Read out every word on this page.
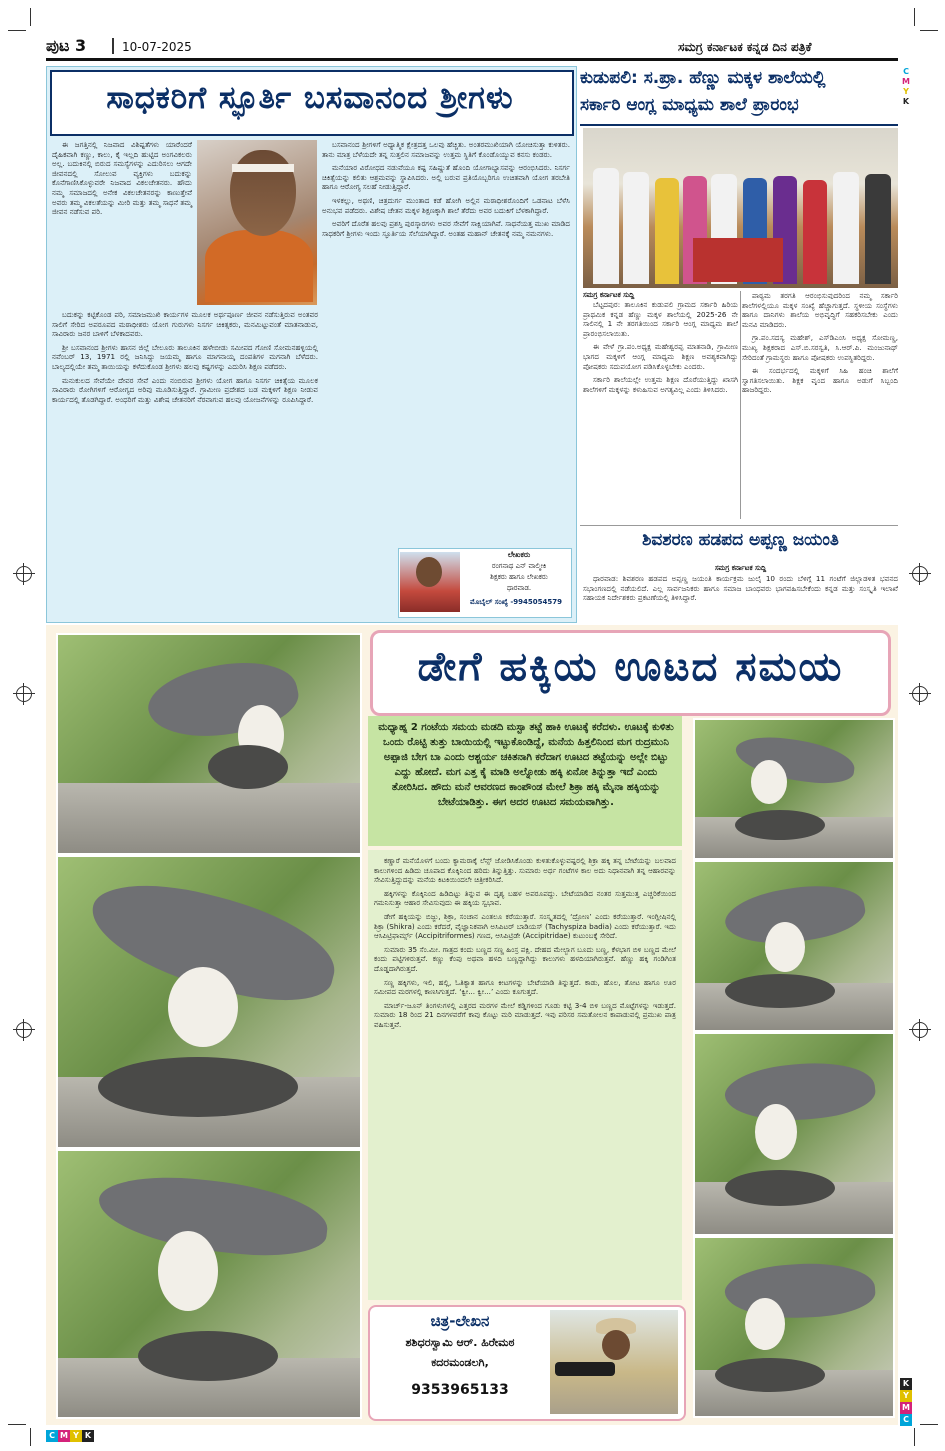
ಪುಟ 3	10-07-2025	ಸಮಗ್ರ ಕರ್ನಾಟಕ ಕನ್ನಡ ದಿನ ಪತ್ರಿಕೆ
C
M
Y
K
K
Y
M
C
C M Y K
ಸಾಧಕರಿಗೆ ಸ್ಫೂರ್ತಿ ಬಸವಾನಂದ ಶ್ರೀಗಳು

ಈ ಜಗತ್ತಿನಲ್ಲಿ ನಿಜವಾದ ವಿಶಿಷ್ಟತೆಗಳು ಯಾರೆಂದರೆ ದೈಹಿಕವಾಗಿ ಕಣ್ಣು, ಕಾಲು, ಕೈ ಇಲ್ಲದಿ ಹುಟ್ಟಿದ ಅಂಗವಿಕಲರು ಅಲ್ಲ. ಬದುಕಿನಲ್ಲಿ ಬಿರುದ ಸಮಸ್ಯೆಗಳನ್ನು ಎದುರಿಸಲು ಆಗದೇ ಜೀವನದಲ್ಲಿ ಸೋಲುವ ವ್ಯಕ್ತಿಗಳು ಬದುಕನ್ನು ಕೊನೆಗಾಣಿಸಿಕೊಳ್ಳುವರೇ ನಿಜವಾದ ವಿಕಲಚೇತನರು. ಹೌದು ನಮ್ಮ ಸಮಾಜದಲ್ಲಿ ಅನೇಕ ವಿಕಲಚೇತನರನ್ನು ಕಾಣುತ್ತೇವೆ ಅವರು ತಮ್ಮ ವಿಕಲತೆಯನ್ನು ಮೀರಿ ಮತ್ತು ತಮ್ಮ ಸಾಧನೆ ತಮ್ಮ ಜೀವನ ನಡೆಸುವ ಪರಿ.

ಬದುಕನ್ನು ಕಟ್ಟಿಕೊಂಡ ಪರಿ, ಸಮಾಜಮುಖಿ ಕಾರ್ಯಗಳ ಮೂಲಕ ಅರ್ಥಪೂರ್ಣ ಜೀವನ ನಡೆಸುತ್ತಿರುವ ಅಂತವರ ಸಾಲಿಗೆ ಸೇರಿದ ಅಪರೂಪದ ಮಠಾಧೀಶರು ಯೋಗ ಗುರುಗಳು ನಿಸರ್ಗ ಚಿಕಿತ್ಸಕರು, ಮನಮಿಟ್ಟುವಂತೆ ಮಾತನಾಡುವ, ಸಾವಿರಾರು ಜನರ ಬಾಳಿಗೆ ಬೆಳಕಾದವರು.

ಶ್ರೀ ಬಸವಾನಂದ ಶ್ರೀಗಳು ಹಾಸನ ಜಿಲ್ಲೆ ಬೇಲೂರು ತಾಲೂಕಿನ ಹಳೇಬೀಡು ಸಮೀಪದ ಗೋಣಿ ಸೋಮನಹಳ್ಳಿಯಲ್ಲಿ ನವೆಂಬರ್ 13, 1971 ರಲ್ಲಿ ಜನಿಸಿದ್ದು ಜಯಮ್ಮ ಹಾಗೂ ಮಾಗನಾಯ್ಕ ದಂಪತಿಗಳ ಮಗನಾಗಿ ಬೆಳೆದರು. ಬಾಲ್ಯದಲ್ಲಿಯೇ ತಮ್ಮ ತಾಯಿಯನ್ನು ಕಳೆದುಕೊಂಡ ಶ್ರೀಗಳು ಹಲವು ಕಷ್ಟಗಳನ್ನು ಎದುರಿಸಿ ಶಿಕ್ಷಣ ಪಡೆದರು.

ಮನುಕುಲದ ಸೇವೆಯೇ ದೇವರ ಸೇವೆ ಎಂದು ನಂಬಿರುವ ಶ್ರೀಗಳು ಯೋಗ ಹಾಗೂ ನಿಸರ್ಗ ಚಿಕಿತ್ಸೆಯ ಮೂಲಕ ಸಾವಿರಾರು ರೋಗಿಗಳಿಗೆ ಆರೋಗ್ಯದ ಅರಿವು ಮೂಡಿಸುತ್ತಿದ್ದಾರೆ. ಗ್ರಾಮೀಣ ಪ್ರದೇಶದ ಬಡ ಮಕ್ಕಳಿಗೆ ಶಿಕ್ಷಣ ನೀಡುವ ಕಾರ್ಯದಲ್ಲಿ ತೊಡಗಿದ್ದಾರೆ. ಅಂಧರಿಗೆ ಮತ್ತು ವಿಶೇಷ ಚೇತನರಿಗೆ ನೆರವಾಗುವ ಹಲವು ಯೋಜನೆಗಳನ್ನು ರೂಪಿಸಿದ್ದಾರೆ.

ಬಸವಾನಂದ ಶ್ರೀಗಳಿಗೆ ಅಧ್ಯಾತ್ಮಿಕ ಕ್ಷೇತ್ರದತ್ತ ಒಲವು ಹೆಚ್ಚಿತು. ಅಂತರಮುಖಿಯಾಗಿ ಯೋಚಿಸುತ್ತಾ ಕುಳಿತರು. ತಾನು ಮಾತ್ರ ಬೆಳೆಯದೇ ತನ್ನ ಸುತ್ತಲಿನ ಸಮಾಜವನ್ನು ಉತ್ತಮ ಸ್ಥಿತಿಗೆ ಕೊಂಡೊಯ್ಯುವ ಕನಸು ಕಂಡರು.

ಮನೆಯಾರ ವಿರೋಧದ ನಡುವೆಯೂ ಕಷ್ಟ ಸಹಿಷ್ಣುತೆ ಹೊಂದಿ ಯೋಗಾಭ್ಯಾಸವನ್ನು ಆರಂಭಿಸಿದರು. ನಿಸರ್ಗ ಚಿಕಿತ್ಸೆಯನ್ನು ಕಲಿತು ಆಶ್ರಮವನ್ನು ಸ್ಥಾಪಿಸಿದರು. ಅಲ್ಲಿ ಬರುವ ಪ್ರತಿಯೊಬ್ಬರಿಗೂ ಉಚಿತವಾಗಿ ಯೋಗ ತರಬೇತಿ ಹಾಗೂ ಆರೋಗ್ಯ ಸಲಹೆ ನೀಡುತ್ತಿದ್ದಾರೆ.

ಇಳಕಲ್ಲು, ಅಥಣಿ, ಚಿತ್ರದುರ್ಗ ಮುಂತಾದ ಕಡೆ ಹೋಗಿ ಅಲ್ಲಿನ ಮಠಾಧೀಶರೊಂದಿಗೆ ಒಡನಾಟ ಬೆಳೆಸಿ ಅನುಭವ ಪಡೆದರು. ವಿಶೇಷ ಚೇತನ ಮಕ್ಕಳ ಶಿಕ್ಷಣಕ್ಕಾಗಿ ಶಾಲೆ ತೆರೆದು ಅವರ ಬದುಕಿಗೆ ಬೆಳಕಾಗಿದ್ದಾರೆ.

ಅವರಿಗೆ ದೊರೆತ ಹಲವು ಪ್ರಶಸ್ತಿ ಪುರಸ್ಕಾರಗಳು ಅವರ ಸೇವೆಗೆ ಸಾಕ್ಷಿಯಾಗಿವೆ. ಸಾಧನೆಯತ್ತ ಮುಖ ಮಾಡಿದ ಸಾಧಕರಿಗೆ ಶ್ರೀಗಳು ಇಂದು ಸ್ಫೂರ್ತಿಯ ಸೆಲೆಯಾಗಿದ್ದಾರೆ. ಅಂತಹ ಮಹಾನ್ ಚೇತನಕ್ಕೆ ನಮ್ಮ ನಮನಗಳು.

ಲೇಖಕರು
ರಂಗನಾಥ ಎನ್ ವಾಲ್ಮೀಕಿ
ಶಿಕ್ಷಕರು ಹಾಗೂ ಲೇಖಕರು
ಧಾರವಾಡ.
ಮೊಬೈಲ್ ಸಂಖ್ಯೆ -9945054579
ಕುಡುಪಲಿ: ಸ.ಪ್ರಾ. ಹೆಣ್ಣು ಮಕ್ಕಳ ಶಾಲೆಯಲ್ಲಿ
ಸರ್ಕಾರಿ ಆಂಗ್ಲ ಮಾಧ್ಯಮ ಶಾಲೆ ಪ್ರಾರಂಭ
ಸಮಗ್ರ ಕರ್ನಾಟಕ ಸುದ್ದಿ

ಬೆಟ್ಟದಪುರ: ತಾಲೂಕಿನ ಕುಡುಪಲಿ ಗ್ರಾಮದ ಸರ್ಕಾರಿ ಹಿರಿಯ ಪ್ರಾಥಮಿಕ ಕನ್ನಡ ಹೆಣ್ಣು ಮಕ್ಕಳ ಶಾಲೆಯಲ್ಲಿ 2025-26 ನೇ ಸಾಲಿನಲ್ಲಿ 1 ನೇ ತರಗತಿಯಿಂದ ಸರ್ಕಾರಿ ಆಂಗ್ಲ ಮಾಧ್ಯಮ ಶಾಲೆ ಪ್ರಾರಂಭಿಸಲಾಯಿತು.

ಈ ವೇಳೆ ಗ್ರಾ.ಪಂ.ಅಧ್ಯಕ್ಷ ಮಹೇಶ್ವರಪ್ಪ ಮಾತನಾಡಿ, ಗ್ರಾಮೀಣ ಭಾಗದ ಮಕ್ಕಳಿಗೆ ಆಂಗ್ಲ ಮಾಧ್ಯಮ ಶಿಕ್ಷಣ ಅವಶ್ಯಕವಾಗಿದ್ದು ಪೋಷಕರು ಸದುಪಯೋಗ ಪಡಿಸಿಕೊಳ್ಳಬೇಕು ಎಂದರು.

ಸರ್ಕಾರಿ ಶಾಲೆಯಲ್ಲೇ ಉತ್ತಮ ಶಿಕ್ಷಣ ದೊರೆಯುತ್ತಿದ್ದು ಖಾಸಗಿ ಶಾಲೆಗಳಿಗೆ ಮಕ್ಕಳನ್ನು ಕಳುಹಿಸುವ ಅಗತ್ಯವಿಲ್ಲ ಎಂದು ತಿಳಿಸಿದರು.

ಪಾಠ್ಯಮ ತರಗತಿ ಆರಂಭಿಸುವುದರಿಂದ ನಮ್ಮ ಸರ್ಕಾರಿ ಶಾಲೆಗಳಲ್ಲಿಯೂ ಮಕ್ಕಳ ಸಂಖ್ಯೆ ಹೆಚ್ಚಾಗುತ್ತದೆ. ಸ್ಥಳೀಯ ಸಂಸ್ಥೆಗಳು ಹಾಗೂ ದಾನಿಗಳು ಶಾಲೆಯ ಅಭಿವೃದ್ಧಿಗೆ ಸಹಕರಿಸಬೇಕು ಎಂದು ಮನವಿ ಮಾಡಿದರು.

ಗ್ರಾ.ಪಂ.ಸದಸ್ಯ ಮಹೇಶ್, ಎಸ್‌ಡಿಎಂಸಿ ಅಧ್ಯಕ್ಷ ಸೋಮಣ್ಣ, ಮುಖ್ಯ ಶಿಕ್ಷಕರಾದ ಎಸ್.ಬಿ.ಸರಸ್ವತಿ, ಸಿ.ಆರ್.ಪಿ. ಮಂಜುನಾಥ್ ಸೇರಿದಂತೆ ಗ್ರಾಮಸ್ಥರು ಹಾಗೂ ಪೋಷಕರು ಉಪಸ್ಥಿತರಿದ್ದರು.

ಈ ಸಂದರ್ಭದಲ್ಲಿ ಮಕ್ಕಳಿಗೆ ಸಿಹಿ ಹಂಚಿ ಶಾಲೆಗೆ ಸ್ವಾಗತಿಸಲಾಯಿತು. ಶಿಕ್ಷಕ ವೃಂದ ಹಾಗೂ ಅಡುಗೆ ಸಿಬ್ಬಂದಿ ಹಾಜರಿದ್ದರು.

ಶಿವಶರಣ ಹಡಪದ ಅಪ್ಪಣ್ಣ ಜಯಂತಿ
ಸಮಗ್ರ ಕರ್ನಾಟಕ ಸುದ್ದಿ

ಧಾರವಾಡ: ಶಿವಶರಣ ಹಡಪದ ಅಪ್ಪಣ್ಣ ಜಯಂತಿ ಕಾರ್ಯಕ್ರಮ ಜುಲೈ 10 ರಂದು ಬೆಳಿಗ್ಗೆ 11 ಗಂಟೆಗೆ ಜಿಲ್ಲಾಡಳಿತ ಭವನದ ಸಭಾಂಗಣದಲ್ಲಿ ನಡೆಯಲಿದೆ. ಎಲ್ಲ ಸಾರ್ವಜನಿಕರು ಹಾಗೂ ಸಮಾಜ ಬಾಂಧವರು ಭಾಗವಹಿಸಬೇಕೆಂದು ಕನ್ನಡ ಮತ್ತು ಸಂಸ್ಕೃತಿ ಇಲಾಖೆ ಸಹಾಯಕ ನಿರ್ದೇಶಕರು ಪ್ರಕಟಣೆಯಲ್ಲಿ ತಿಳಿಸಿದ್ದಾರೆ.

ಡೇಗೆ ಹಕ್ಕಿಯ ಊಟದ ಸಮಯ
ಮಧ್ಯಾಹ್ನ 2 ಗಂಟೆಯ ಸಮಯ ಮಡದಿ ಮಸ್ಟಾ ತಟ್ಟೆ ಹಾಕಿ ಊಟಕ್ಕೆ ಕರೆದಳು. ಊಟಕ್ಕೆ ಕುಳಿತು ಒಂದು ರೊಟ್ಟಿ ತುತ್ತು ಬಾಯಿಯಲ್ಲಿ ಇಟ್ಟುಕೊಂಡಿದ್ದೆ, ಮನೆಯ ಹಿತ್ತಲಿನಿಂದ ಮಗ ರುದ್ರಮುನಿ ಅಪ್ಪಾಜಿ ಬೇಗ ಬಾ ಎಂದು ಆಶ್ಚರ್ಯ ಚಕಿತನಾಗಿ ಕರೆದಾಗ ಊಟದ ತಟ್ಟೆಯನ್ನು ಅಲ್ಲೇ ಬಿಟ್ಟು ಎದ್ದು ಹೋದೆ. ಮಗ ಎತ್ತ ಕೈ ಮಾಡಿ ಅಲ್ನೋಡು ಹಕ್ಕಿ ಏನೋ ತಿನ್ನುತ್ತಾ ಇದೆ ಎಂದು ತೋರಿಸಿದ. ಹೌದು ಮನೆ ಆವರಣದ ಕಾಂಪೌಂಡ ಮೇಲೆ ಶಿಕ್ರಾ ಹಕ್ಕಿ ಮೈನಾ ಹಕ್ಕಿಯನ್ನು ಬೇಟೆಯಾಡಿತ್ತು. ಈಗ ಅದರ ಊಟದ ಸಮಯವಾಗಿತ್ತು.

ಕಣ್ಣಾರೆ ಮನೆಯೊಳಗೆ ಬಂದು ಕ್ಯಾಮರಾಕ್ಕೆ ಲೆನ್ಸ್ ಜೋಡಿಸಿಕೊಂಡು ಕುಳಿತುಕೊಳ್ಳುವಷ್ಟರಲ್ಲಿ ಶಿಕ್ರಾ ಹಕ್ಕಿ ತನ್ನ ಬೇಟೆಯನ್ನು ಬಲವಾದ ಕಾಲುಗಳಿಂದ ಹಿಡಿದು ಚೂಪಾದ ಕೊಕ್ಕಿನಿಂದ ಹರಿದು ತಿನ್ನುತ್ತಿತ್ತು. ಸುಮಾರು ಅರ್ಧ ಗಂಟೆಗಳ ಕಾಲ ಅದು ನಿಧಾನವಾಗಿ ತನ್ನ ಆಹಾರವನ್ನು ಸೇವಿಸುತ್ತಿದ್ದುದನ್ನು ಮನೆಯ ಕಿಟಕಿಯಿಂದಲೇ ಚಿತ್ರೀಕರಿಸಿದೆ.

ಹಕ್ಕಿಗಳನ್ನು ಕೊಕ್ಕಿನಿಂದ ಹಿಡಿದಿಟ್ಟು ತಿನ್ನುವ ಈ ದೃಶ್ಯ ಬಹಳ ಅಪರೂಪದ್ದು. ಬೇಟೆಯಾಡಿದ ನಂತರ ಸುತ್ತಮುತ್ತ ಎಚ್ಚರಿಕೆಯಿಂದ ಗಮನಿಸುತ್ತಾ ಆಹಾರ ಸೇವಿಸುವುದು ಈ ಹಕ್ಕಿಯ ಸ್ವಭಾವ.

ಡೇಗೆ ಹಕ್ಕಿಯನ್ನು ಬಿಜ್ಜು, ಶಿಕ್ರಾ, ಸಂಚಾನ ಎಂತಲೂ ಕರೆಯುತ್ತಾರೆ. ಸಂಸ್ಕೃತದಲ್ಲಿ ‘ದ್ರೋಣ’ ಎಂದು ಕರೆಯುತ್ತಾರೆ. ಇಂಗ್ಲೀಷಿನಲ್ಲಿ ಶಿಕ್ರಾ (Shikra) ಎಂದು ಕರೆದರೆ, ವೈಜ್ಞಾನಿಕವಾಗಿ ಅಸಿಪಿಟರ್ ಬಾಡಿಯಸ್ (Tachyspiza badia) ಎಂದು ಕರೆಯುತ್ತಾರೆ. ಇದು ಆಸಿಪಿಟ್ರಿಫಾರ್ಮ್ಸ್ (Accipitriformes) ಗಣದ, ಆಸಿಪಿಟ್ರಿಡೇ (Accipitridae) ಕುಟುಂಬಕ್ಕೆ ಸೇರಿದೆ.

ಸುಮಾರು 35 ಸೆಂ.ಮೀ. ಗಾತ್ರದ ಕಂದು ಬಣ್ಣದ ಸಣ್ಣ ಹಿಂಸ್ರ ಪಕ್ಷಿ. ದೇಹದ ಮೇಲ್ಭಾಗ ಬೂದು ಬಣ್ಣ, ಕೆಳಭಾಗ ಬಿಳಿ ಬಣ್ಣದ ಮೇಲೆ ಕಂದು ಪಟ್ಟಿಗಳಿರುತ್ತವೆ. ಕಣ್ಣು ಕೆಂಪು ಅಥವಾ ಹಳದಿ ಬಣ್ಣದ್ದಾಗಿದ್ದು ಕಾಲುಗಳು ಹಳದಿಯಾಗಿರುತ್ತವೆ. ಹೆಣ್ಣು ಹಕ್ಕಿ ಗಂಡಿಗಿಂತ ದೊಡ್ಡದಾಗಿರುತ್ತದೆ.

ಸಣ್ಣ ಹಕ್ಕಿಗಳು, ಇಲಿ, ಹಲ್ಲಿ, ಓತಿಕ್ಯಾತ ಹಾಗೂ ಕೀಟಗಳನ್ನು ಬೇಟೆಯಾಡಿ ತಿನ್ನುತ್ತದೆ. ಕಾಡು, ಹೊಲ, ತೋಟ ಹಾಗೂ ಊರ ಸಮೀಪದ ಮರಗಳಲ್ಲಿ ಕಾಣಸಿಗುತ್ತದೆ. ‘ಕ್ವೀ... ಕ್ವೀ...’ ಎಂದು ಕೂಗುತ್ತದೆ.

ಮಾರ್ಚ್-ಜೂನ್ ತಿಂಗಳುಗಳಲ್ಲಿ ಎತ್ತರದ ಮರಗಳ ಮೇಲೆ ಕಡ್ಡಿಗಳಿಂದ ಗೂಡು ಕಟ್ಟಿ 3-4 ಬಿಳಿ ಬಣ್ಣದ ಮೊಟ್ಟೆಗಳನ್ನು ಇಡುತ್ತದೆ. ಸುಮಾರು 18 ರಿಂದ 21 ದಿನಗಳವರೆಗೆ ಕಾವು ಕೊಟ್ಟು ಮರಿ ಮಾಡುತ್ತದೆ. ಇವು ಪರಿಸರ ಸಮತೋಲನ ಕಾಪಾಡುವಲ್ಲಿ ಪ್ರಮುಖ ಪಾತ್ರ ವಹಿಸುತ್ತವೆ.

ಚಿತ್ರ-ಲೇಖನ
ಶಶಿಧರಸ್ವಾಮಿ ಆರ್. ಹಿರೇಮಠ
ಕದರಮಂಡಲಗಿ,
9353965133
